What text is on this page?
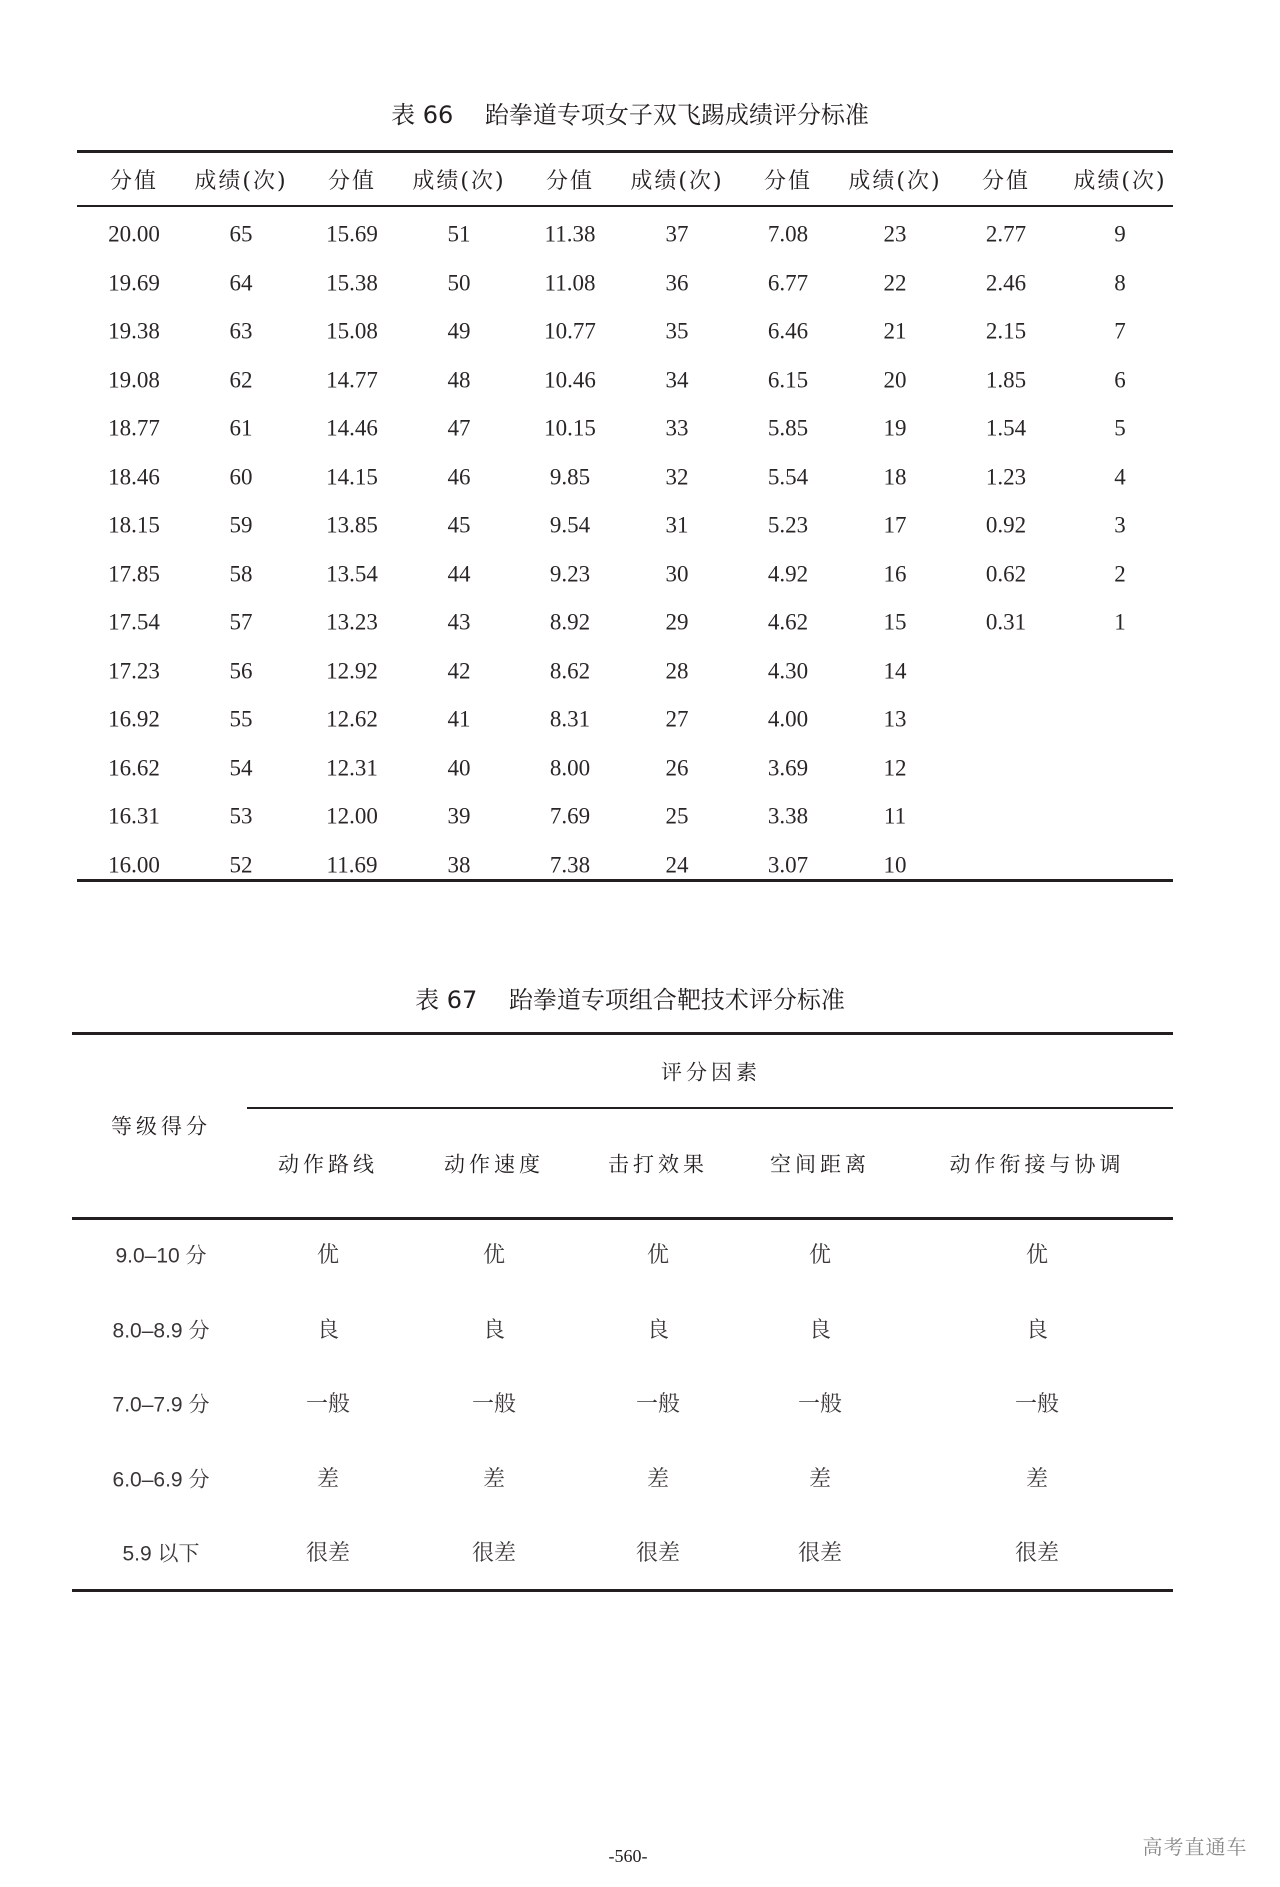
表 66　 跆拳道专项女子双飞踢成绩评分标准
分值 成绩(次) 分值 成绩(次) 分值 成绩(次) 分值 成绩(次) 分值 成绩(次)
20.00	65	15.69	51	11.38	37	7.08	23	2.77	9
19.69	64	15.38	50	11.08	36	6.77	22	2.46	8
19.38	63	15.08	49	10.77	35	6.46	21	2.15	7
19.08	62	14.77	48	10.46	34	6.15	20	1.85	6
18.77	61	14.46	47	10.15	33	5.85	19	1.54	5
18.46	60	14.15	46	9.85	32	5.54	18	1.23	4
18.15	59	13.85	45	9.54	31	5.23	17	0.92	3
17.85	58	13.54	44	9.23	30	4.92	16	0.62	2
17.54	57	13.23	43	8.92	29	4.62	15	0.31	1
17.23	56	12.92	42	8.62	28	4.30	14
16.92	55	12.62	41	8.31	27	4.00	13
16.62	54	12.31	40	8.00	26	3.69	12
16.31	53	12.00	39	7.69	25	3.38	11
16.00	52	11.69	38	7.38	24	3.07	10
表 67　 跆拳道专项组合靶技术评分标准
评分因素
等级得分
动作路线	动作速度	击打效果	空间距离	动作衔接与协调
9.0–10 分	优	优	优	优	优
8.0–8.9 分	良	良	良	良	良
7.0–7.9 分	一般	一般	一般	一般	一般
6.0–6.9 分	差	差	差	差	差
5.9 以下	很差	很差	很差	很差	很差
-560-	高考直通车
